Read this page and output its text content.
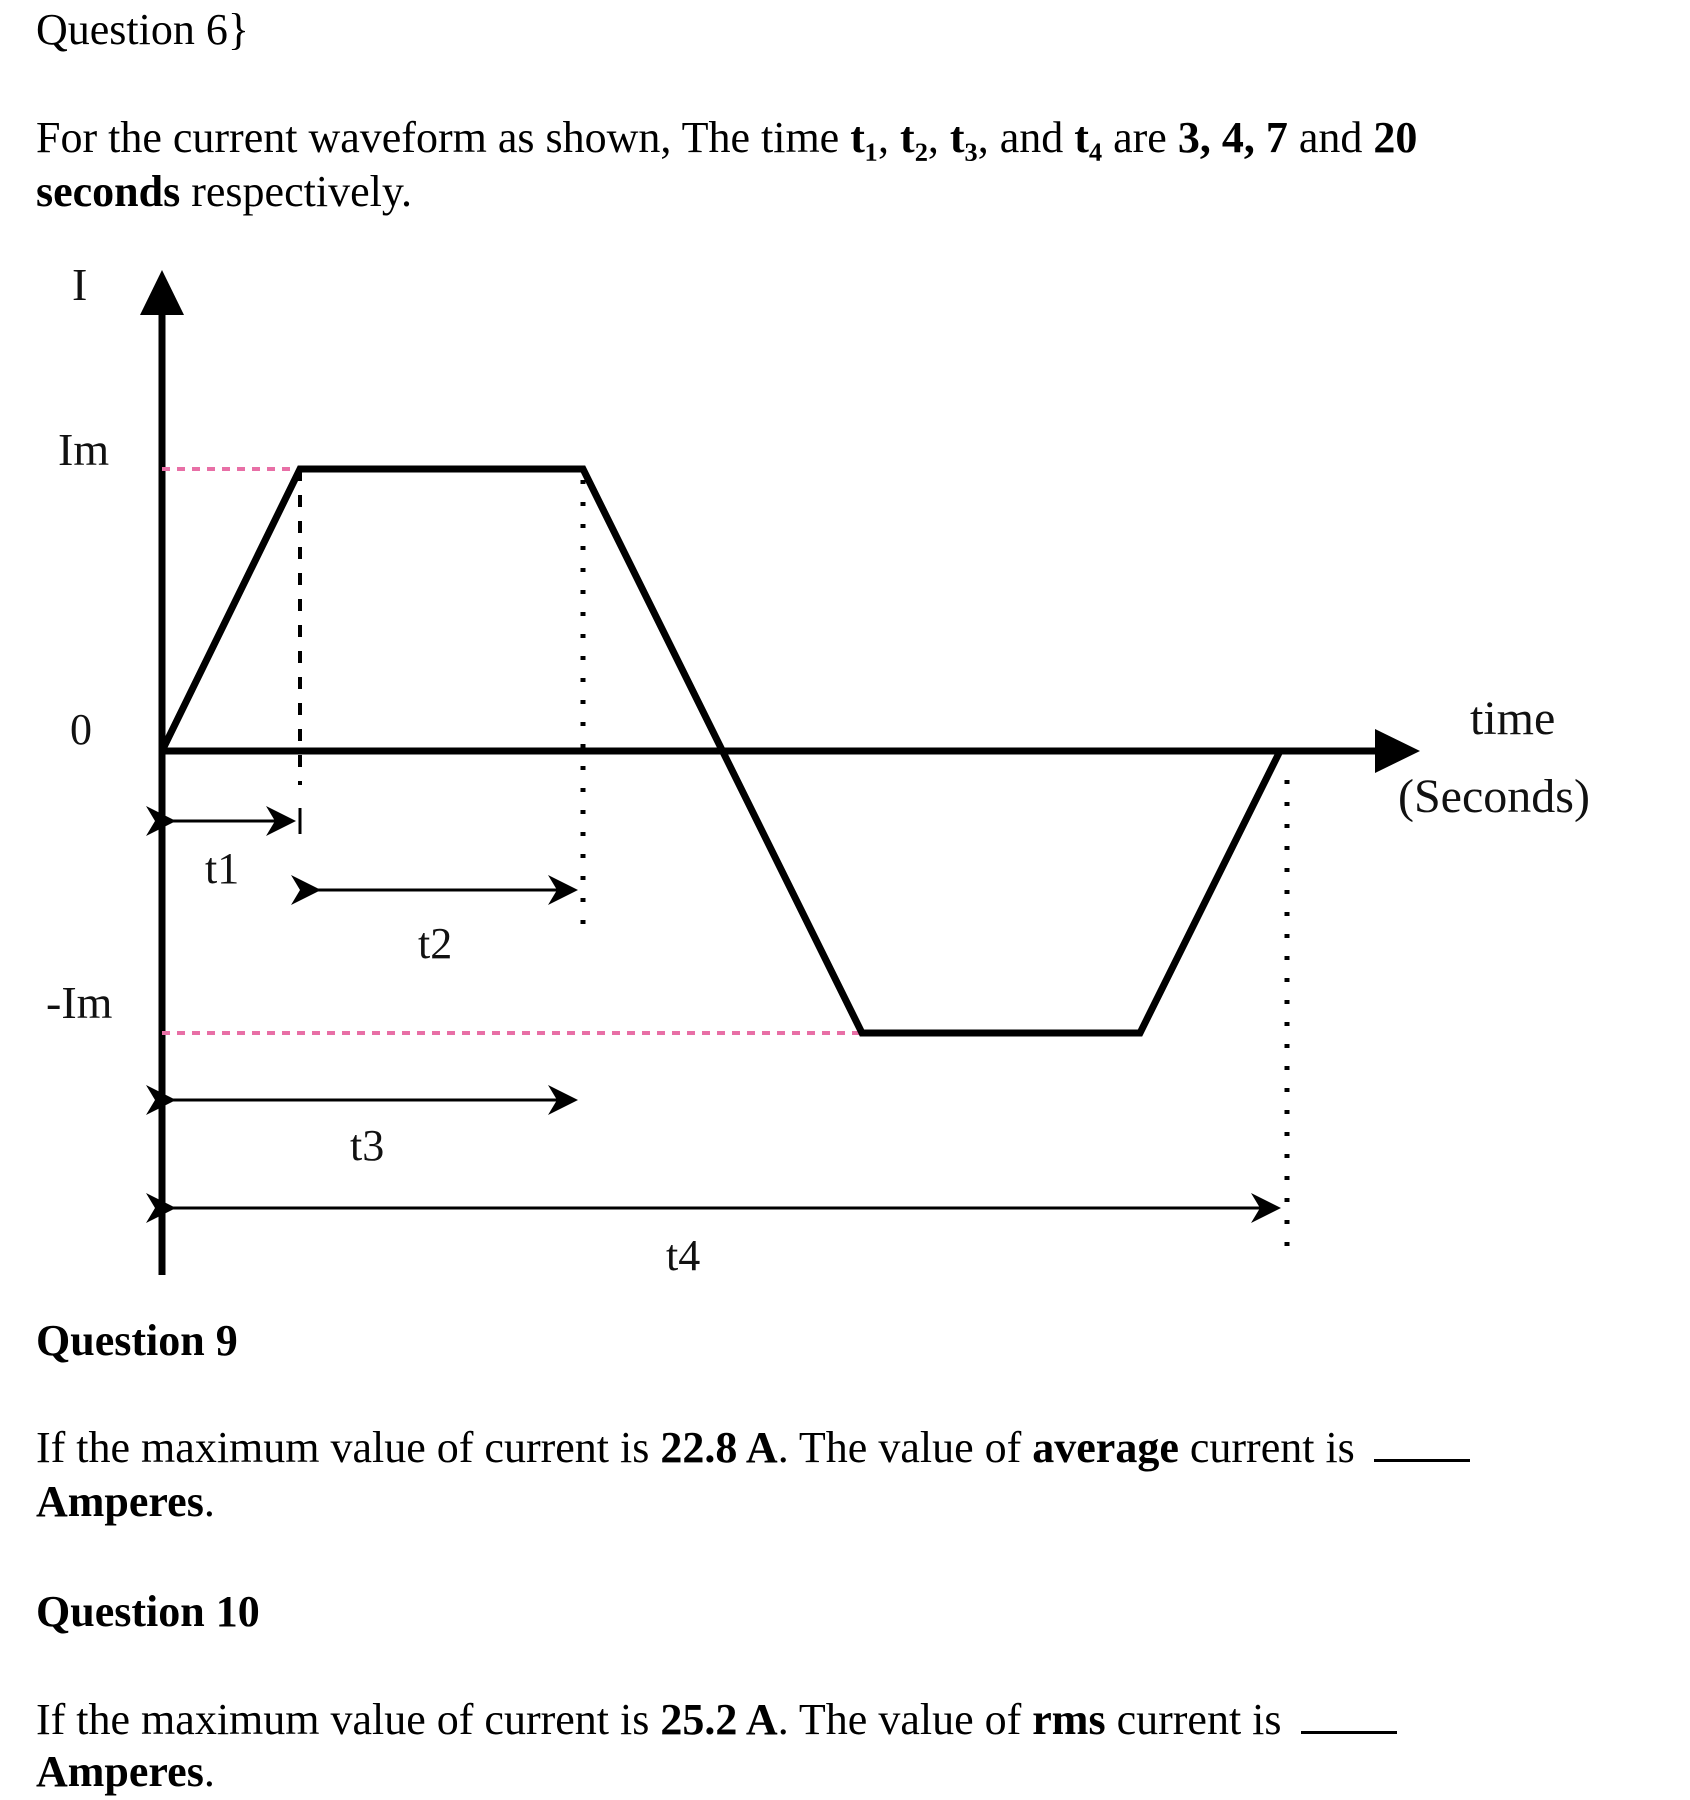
Question 6}
For the current waveform as shown, The time t₁, t₂, t₃, and t₄ are 3, 4, 7 and 20
seconds respectively.
I
Im
0
-Im
time
(Seconds)
t1
t2
t3
t4
Question 9
If the maximum value of current is 22.8 A. The value of average current is
Amperes.
Question 10
If the maximum value of current is 25.2 A. The value of rms current is
Amperes.
